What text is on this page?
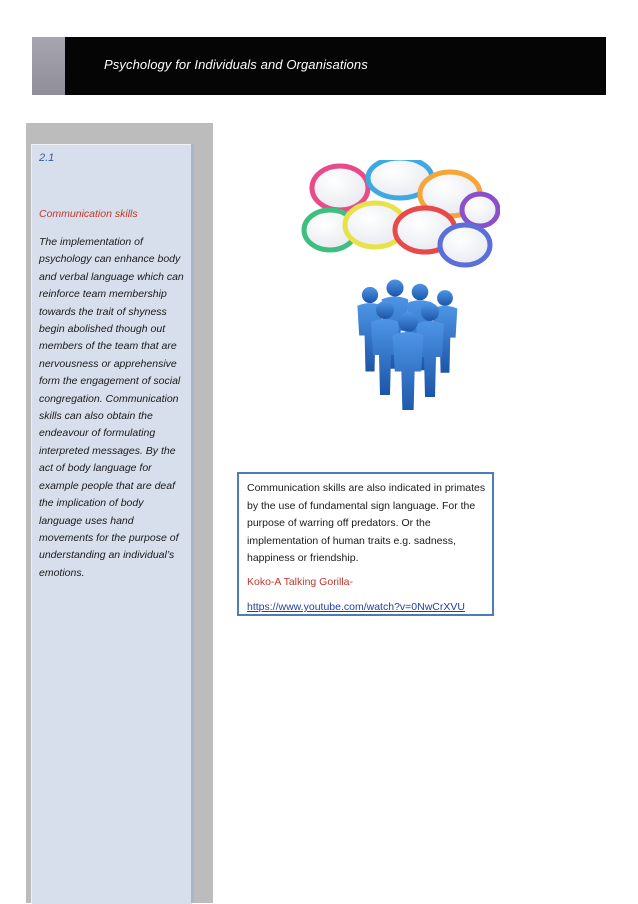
Psychology for Individuals and Organisations
2.1
Communication skills

The implementation of psychology can enhance body and verbal language which can reinforce team membership towards the trait of shyness begin abolished though out members of the team that are nervousness or apprehensive form the engagement of social congregation. Communication skills can also obtain the endeavour of formulating interpreted messages. By the act of body language for example people that are deaf the implication of body language uses hand movements for the purpose of understanding an individual’s emotions.

Communication skills are also indicated in primates by the use of fundamental sign language. For the purpose of warring off predators. Or the implementation of human traits e.g. sadness, happiness or friendship.

Koko-A Talking Gorilla-

https://www.youtube.com/watch?v=0NwCrXVU
